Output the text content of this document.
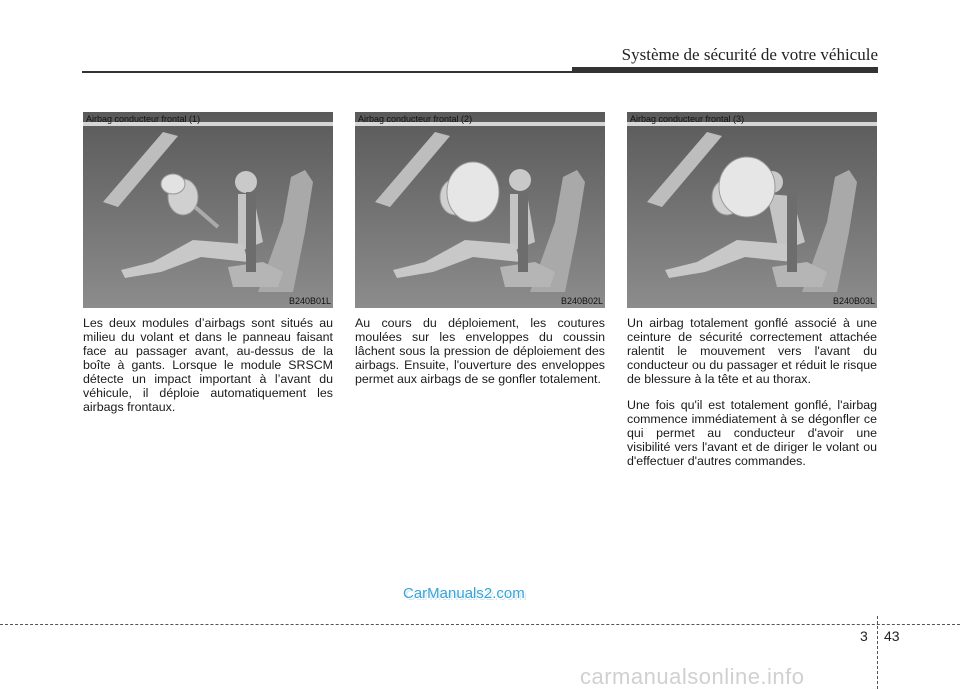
Système de sécurité de votre véhicule
Airbag conducteur frontal (1)
B240B01L
Airbag conducteur frontal (2)
B240B02L
Airbag conducteur frontal (3)
B240B03L

Les deux modules d’airbags sont situés au milieu du volant et dans le panneau faisant face au passager avant, au-dessus de la boîte à gants. Lorsque le module SRSCM détecte un impact important à l’avant du véhicule, il déploie automatiquement les airbags frontaux.

Au cours du déploiement, les coutures moulées sur les enveloppes du coussin lâchent sous la pression de déploiement des airbags. Ensuite, l'ouverture des enveloppes permet aux airbags de se gonfler totalement.

Un airbag totalement gonflé associé à une ceinture de sécurité correctement attachée ralentit le mouvement vers l'avant du conducteur ou du passager et réduit le risque de blessure à la tête et au thorax.

Une fois qu'il est totalement gonflé, l'airbag commence immédiatement à se dégonfler ce qui permet au conducteur d'avoir une visibilité vers l'avant et de diriger le volant ou d'effectuer d'autres commandes.

CarManuals2.com
3 43
carmanualsonline.info
